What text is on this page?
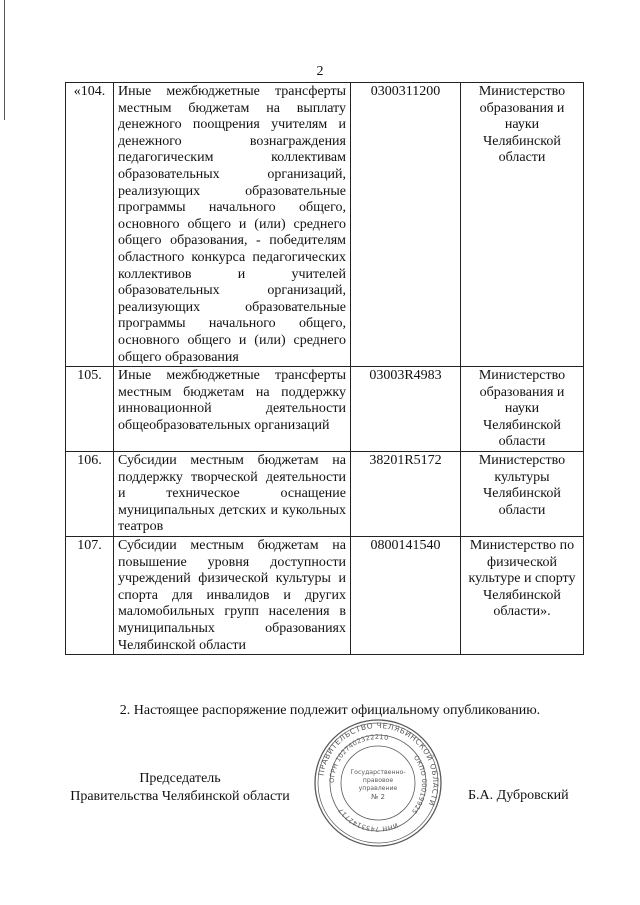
2
«104.	Иные межбюджетные трансферты местным бюджетам на выплату денежного поощрения учителям и денежного вознаграждения педагогическим коллективам образовательных организаций, реализующих образовательные программы начального общего, основного общего и (или) среднего общего образования, - победителям областного конкурса педагогических коллективов и учителей образовательных организаций, реализующих образовательные программы начального общего, основного общего и (или) среднего общего образования	0300311200	Министерство образования и науки Челябинской области
105.	Иные межбюджетные трансферты местным бюджетам на поддержку инновационной деятельности общеобразовательных организаций	03003R4983	Министерство образования и науки Челябинской области
106.	Субсидии местным бюджетам на поддержку творческой деятельности и техническое оснащение муниципальных детских и кукольных театров	38201R5172	Министерство культуры Челябинской области
107.	Субсидии местным бюджетам на повышение уровня доступности учреждений физической культуры и спорта для инвалидов и других маломобильных групп населения в муниципальных образованиях Челябинской области	0800141540	Министерство по физической культуре и спорту Челябинской области».
2. Настоящее распоряжение подлежит официальному опубликованию.
Председатель
Правительства Челябинской области
ПРАВИТЕЛЬСТВО ЧЕЛЯБИНСКОЙ ОБЛАСТИ
ОГРН 1027402322210
ОКПО 00019925
ИНН 7453142717
Государственно-
правовое
управление
№ 2	Б.А. Дубровский
